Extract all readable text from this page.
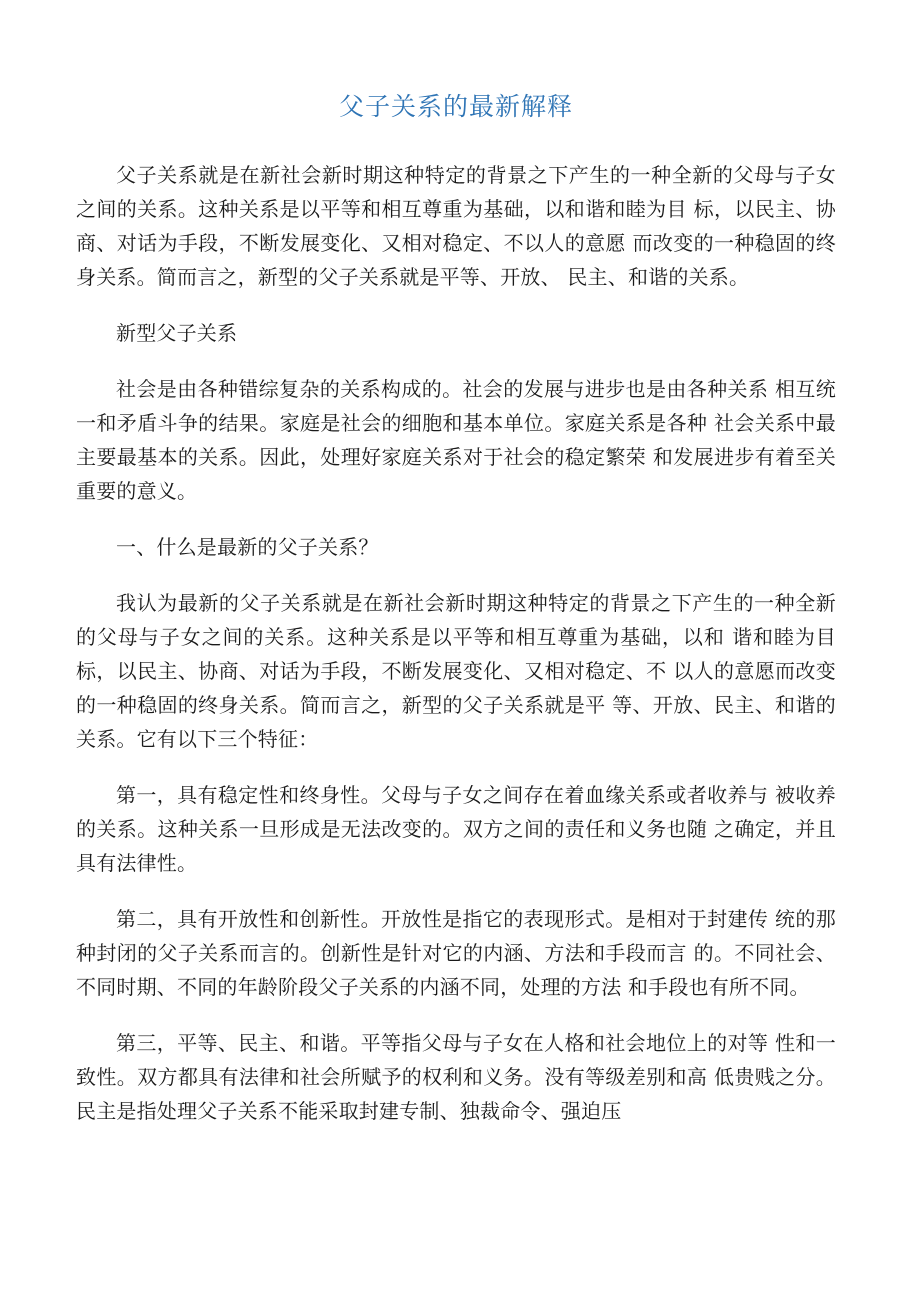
父子关系的最新解释

父子关系就是在新社会新时期这种特定的背景之下产生的一种全新的父母与子女之间的关系。这种关系是以平等和相互尊重为基础，以和谐和睦为目 标，以民主、协商、对话为手段，不断发展变化、又相对稳定、不以人的意愿 而改变的一种稳固的终身关系。简而言之，新型的父子关系就是平等、开放、 民主、和谐的关系。

新型父子关系

社会是由各种错综复杂的关系构成的。社会的发展与进步也是由各种关系 相互统一和矛盾斗争的结果。家庭是社会的细胞和基本单位。家庭关系是各种 社会关系中最主要最基本的关系。因此，处理好家庭关系对于社会的稳定繁荣 和发展进步有着至关重要的意义。

一、什么是最新的父子关系？

我认为最新的父子关系就是在新社会新时期这种特定的背景之下产生的一种全新的父母与子女之间的关系。这种关系是以平等和相互尊重为基础，以和 谐和睦为目标，以民主、协商、对话为手段，不断发展变化、又相对稳定、不 以人的意愿而改变的一种稳固的终身关系。简而言之，新型的父子关系就是平 等、开放、民主、和谐的关系。它有以下三个特征：

第一，具有稳定性和终身性。父母与子女之间存在着血缘关系或者收养与 被收养的关系。这种关系一旦形成是无法改变的。双方之间的责任和义务也随 之确定，并且具有法律性。

第二，具有开放性和创新性。开放性是指它的表现形式。是相对于封建传 统的那种封闭的父子关系而言的。创新性是针对它的内涵、方法和手段而言 的。不同社会、不同时期、不同的年龄阶段父子关系的内涵不同，处理的方法 和手段也有所不同。

第三，平等、民主、和谐。平等指父母与子女在人格和社会地位上的对等 性和一致性。双方都具有法律和社会所赋予的权利和义务。没有等级差别和高 低贵贱之分。民主是指处理父子关系不能采取封建专制、独裁命令、强迫压
